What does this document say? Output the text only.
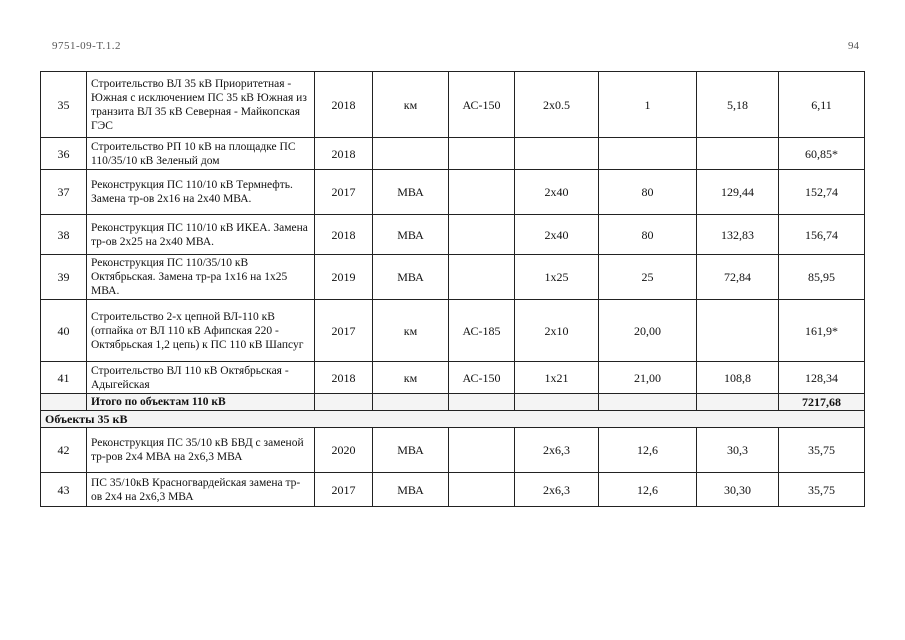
9751-09-Т.1.2	94
35	Строительство ВЛ 35 кВ Приоритетная - Южная с исключением ПС 35 кВ Южная из транзита ВЛ 35 кВ Северная - Майкопская ГЭС	2018	км	АС-150	2х0.5	1	5,18	6,11
36	Строительство РП 10 кВ на площадке ПС 110/35/10 кВ Зеленый дом	2018						60,85*
37	Реконструкция ПС 110/10 кВ Термнефть. Замена тр-ов 2х16 на 2х40 МВА.	2017	МВА		2х40	80	129,44	152,74
38	Реконструкция ПС 110/10 кВ ИКЕА. Замена тр-ов 2х25 на 2х40 МВА.	2018	МВА		2х40	80	132,83	156,74
39	Реконструкция ПС 110/35/10 кВ Октябрьская. Замена тр-ра 1х16 на 1х25 МВА.	2019	МВА		1х25	25	72,84	85,95
40	Строительство 2-х цепной ВЛ-110 кВ (отпайка от ВЛ 110 кВ Афипская 220 - Октябрьская 1,2 цепь) к ПС 110 кВ Шапсуг	2017	км	АС-185	2х10	20,00		161,9*
41	Строительство ВЛ 110 кВ Октябрьская - Адыгейская	2018	км	АС-150	1х21	21,00	108,8	128,34
	Итого по объектам 110 кВ							7217,68
Объекты 35 кВ								
42	Реконструкция ПС 35/10 кВ БВД с заменой тр-ров 2х4 МВА на 2х6,3 МВА	2020	МВА		2х6,3	12,6	30,3	35,75
43	ПС 35/10кВ Красногвардейская замена тр-ов 2х4 на 2х6,3 МВА	2017	МВА		2х6,3	12,6	30,30	35,75
